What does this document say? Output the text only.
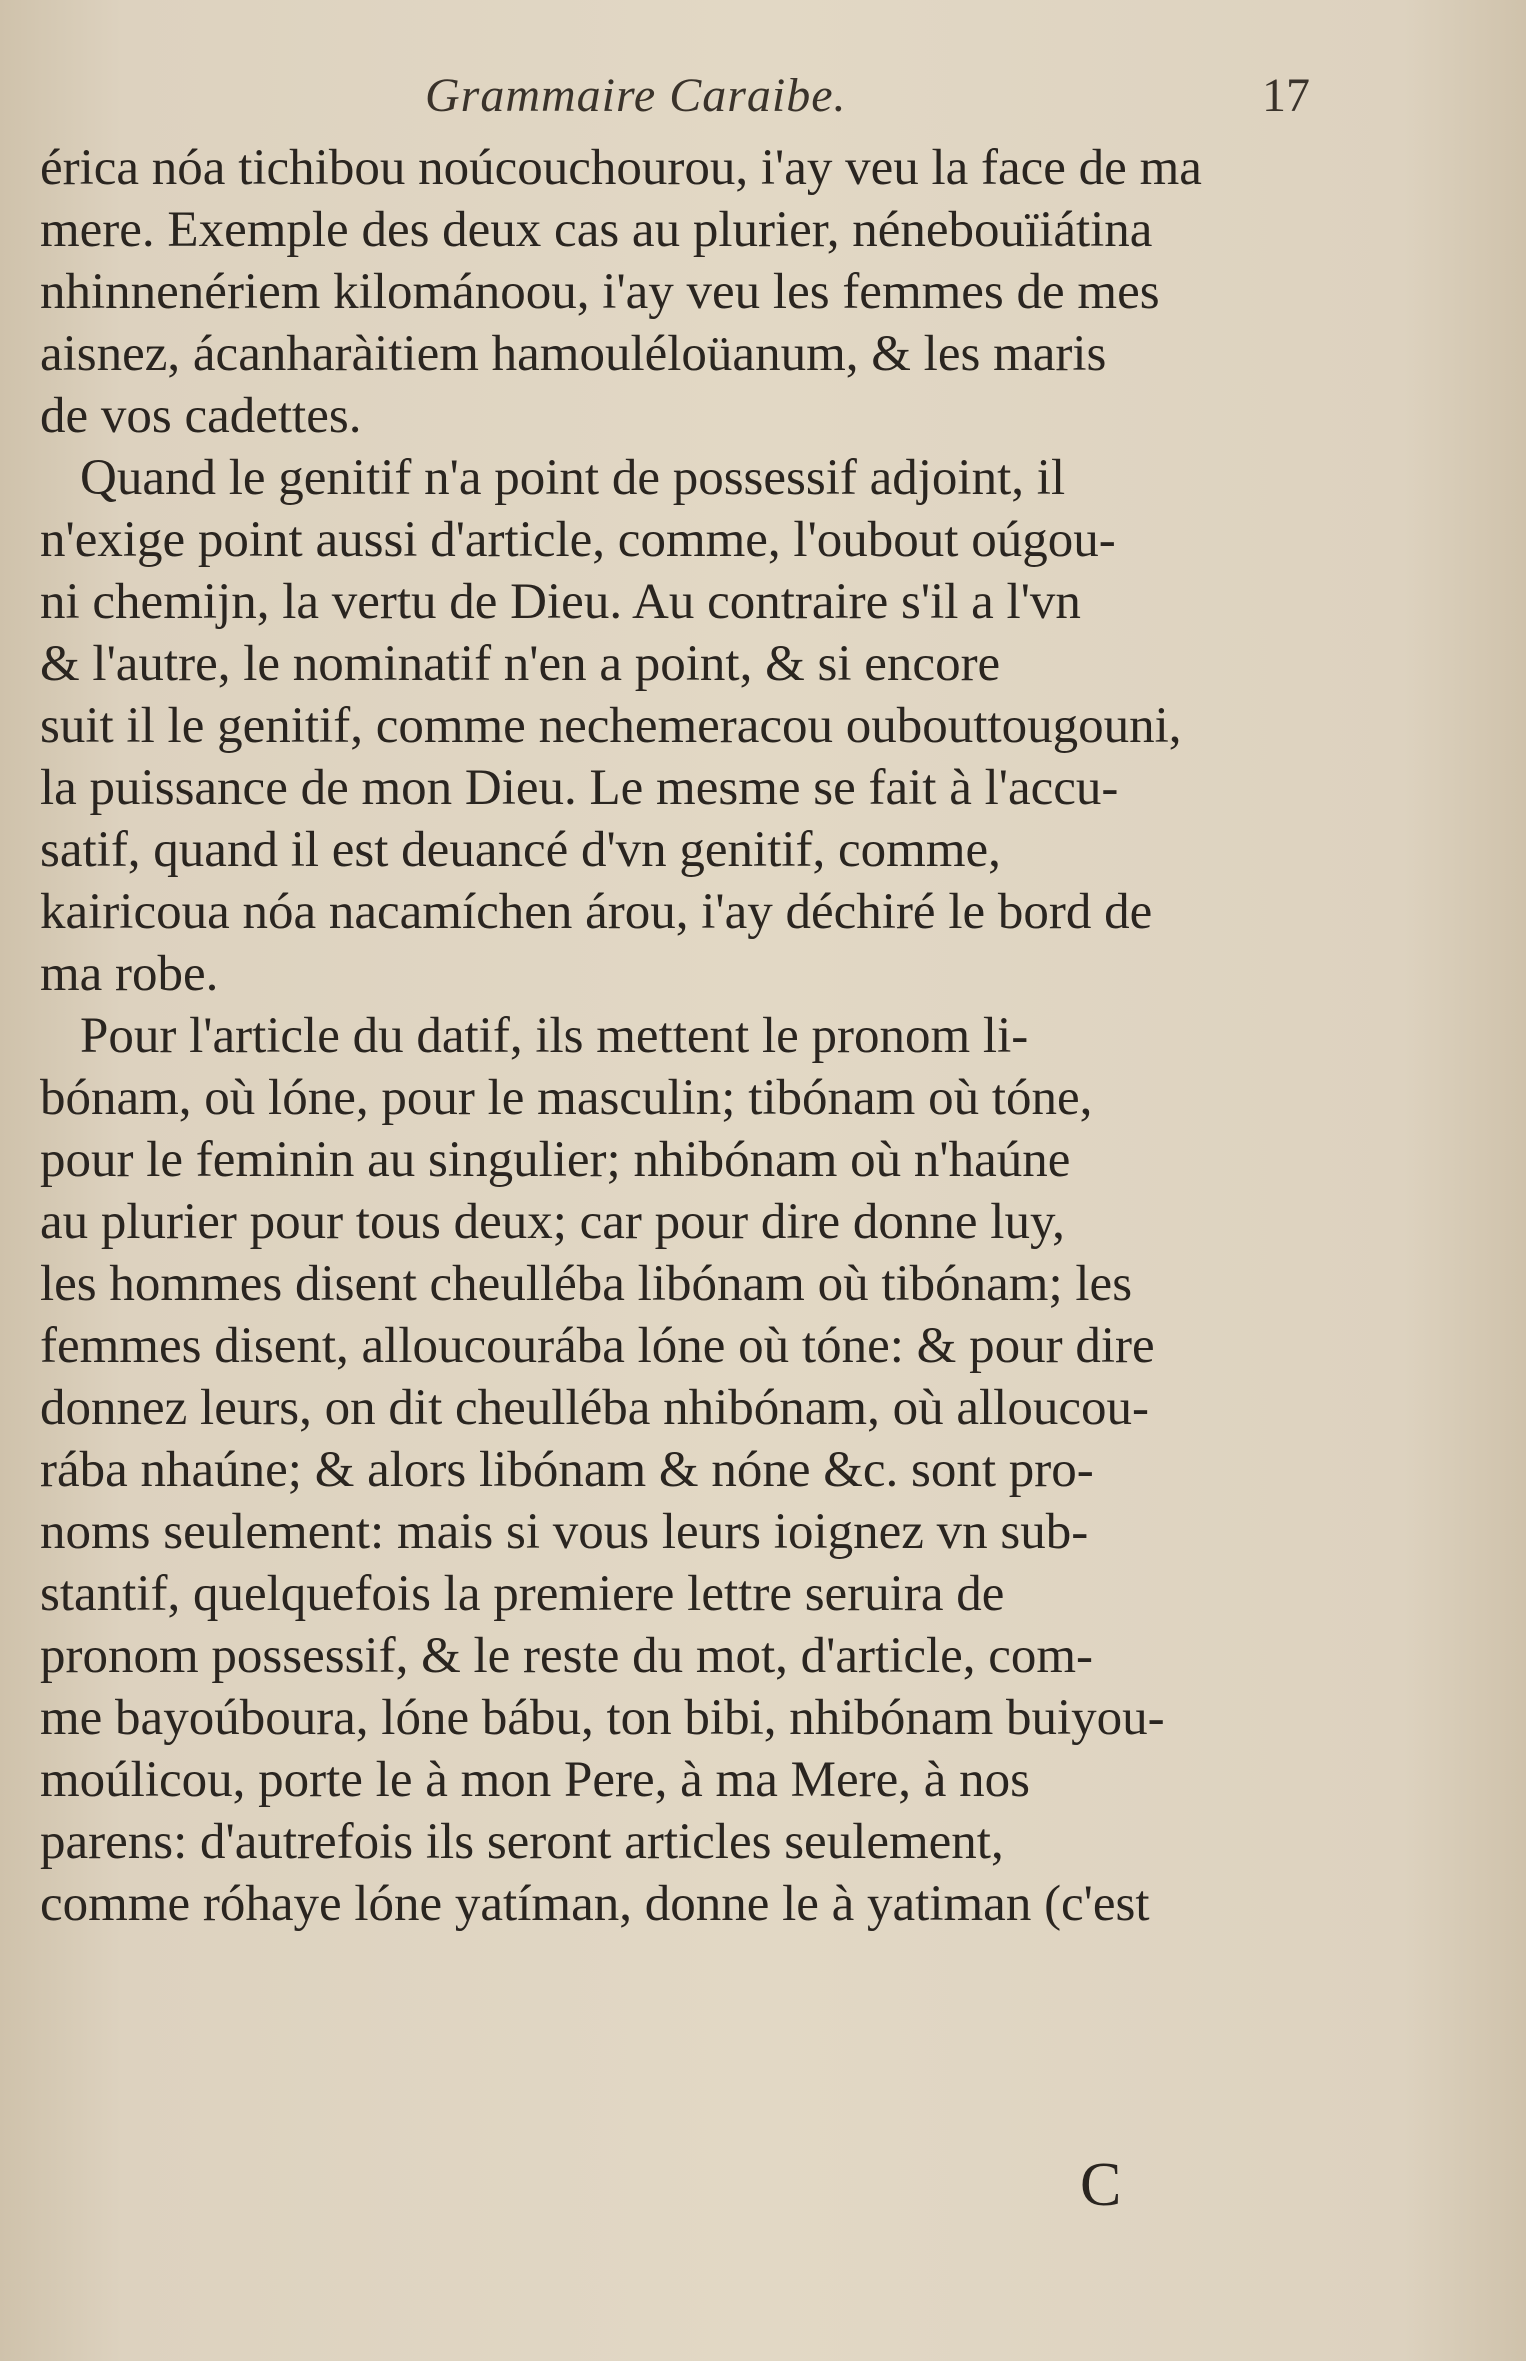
Grammaire Caraibe.	17
érica nóa tichibou noúcouchourou, i'ay veu la face de ma
mere. Exemple des deux cas au plurier, nénebouïiátina
nhinnenériem kilománoou, i'ay veu les femmes de mes
aisnez, ácanharàitiem hamouléloüanum, & les maris
de vos cadettes.
Quand le genitif n'a point de possessif adjoint, il
n'exige point aussi d'article, comme, l'oubout oúgou-
ni chemijn, la vertu de Dieu. Au contraire s'il a l'vn
& l'autre, le nominatif n'en a point, & si encore
suit il le genitif, comme nechemeracou oubouttougouni,
la puissance de mon Dieu. Le mesme se fait à l'accu-
satif, quand il est deuancé d'vn genitif, comme,
kairicoua nóa nacamíchen árou, i'ay déchiré le bord de
ma robe.
Pour l'article du datif, ils mettent le pronom li-
bónam, où lóne, pour le masculin; tibónam où tóne,
pour le feminin au singulier; nhibónam où n'haúne
au plurier pour tous deux; car pour dire donne luy,
les hommes disent cheulléba libónam où tibónam; les
femmes disent, alloucourába lóne où tóne: & pour dire
donnez leurs, on dit cheulléba nhibónam, où alloucou-
rába nhaúne; & alors libónam & nóne &c. sont pro-
noms seulement: mais si vous leurs ioignez vn sub-
stantif, quelquefois la premiere lettre seruira de
pronom possessif, & le reste du mot, d'article, com-
me bayoúboura, lóne bábu, ton bibi, nhibónam buiyou-
moúlicou, porte le à mon Pere, à ma Mere, à nos
parens: d'autrefois ils seront articles seulement,
comme róhaye lóne yatíman, donne le à yatiman (c'est
C
